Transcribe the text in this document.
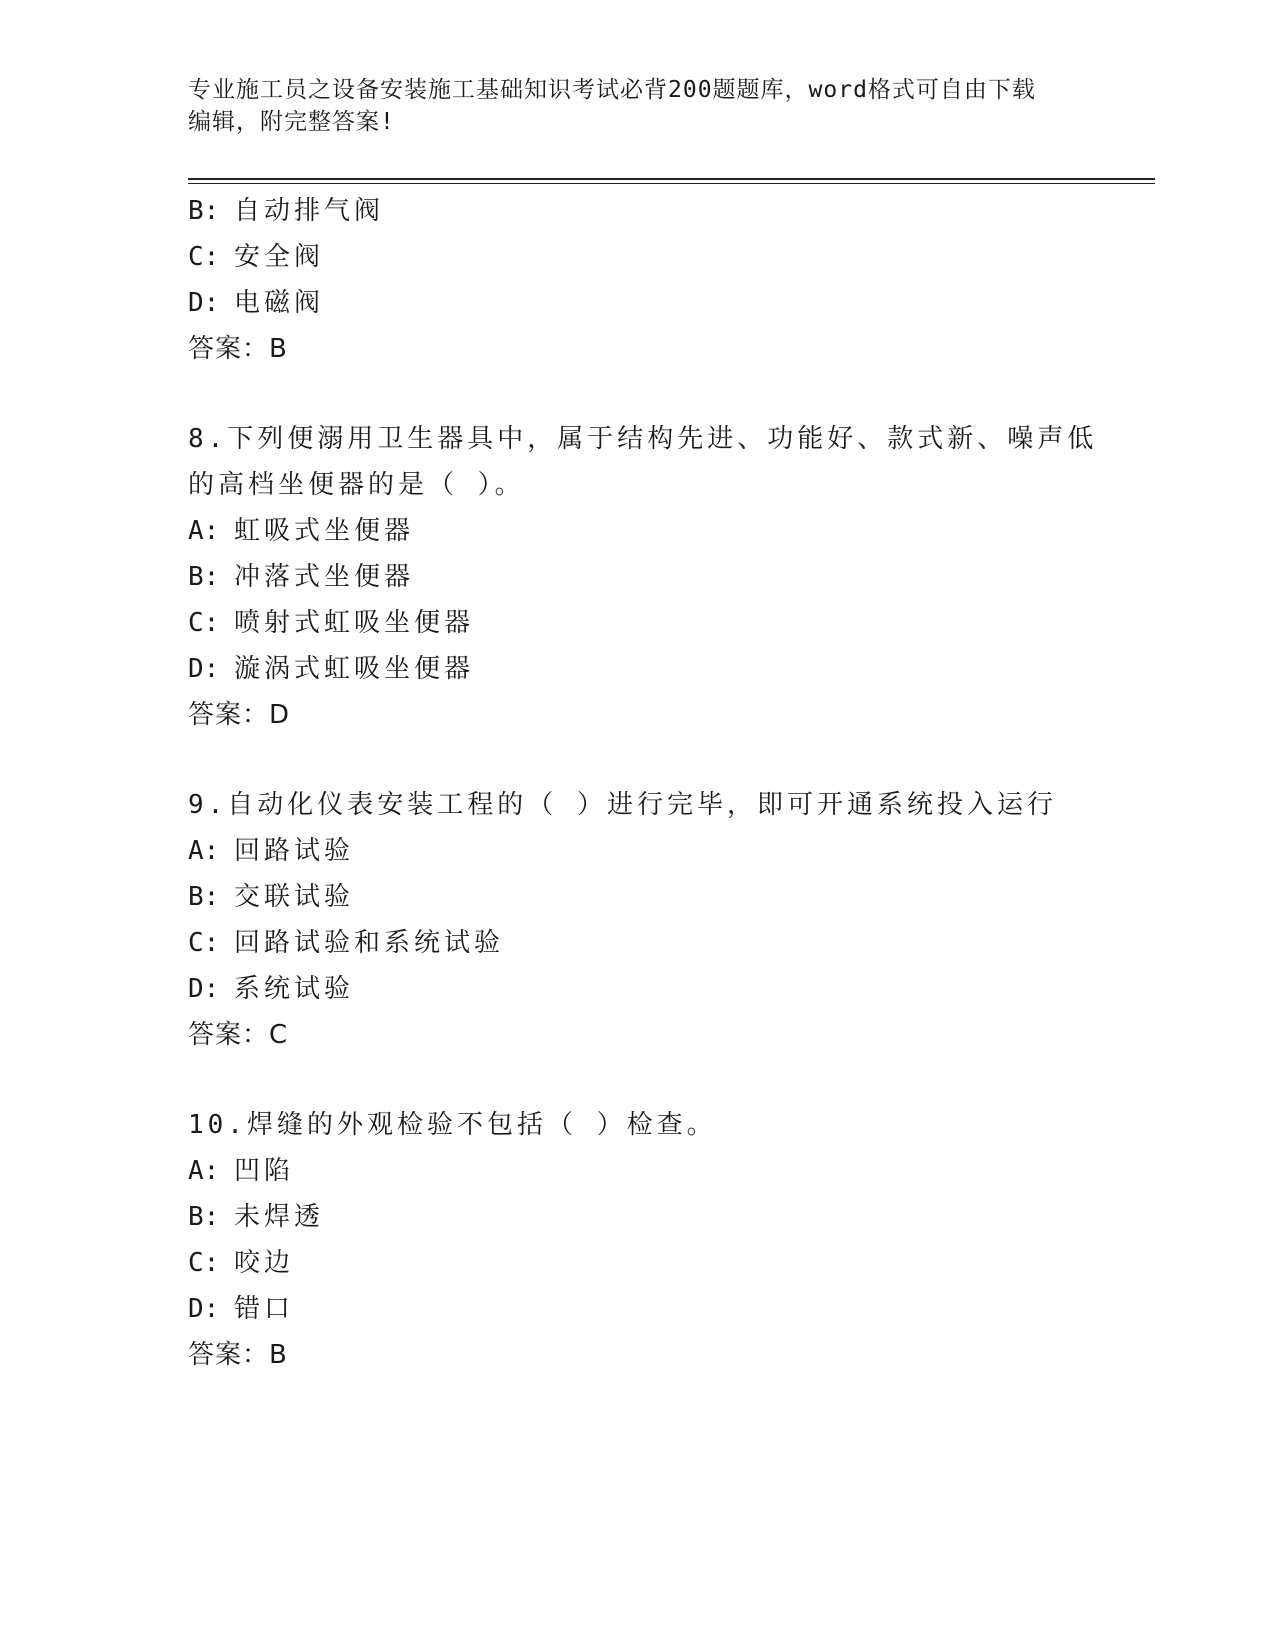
专业施工员之设备安装施工基础知识考试必背200题题库，word格式可自由下载
编辑，附完整答案!
B: 自动排气阀
C: 安全阀
D: 电磁阀
答案：B
8.下列便溺用卫生器具中，属于结构先进、功能好、款式新、噪声低
的高档坐便器的是（ ）。
A: 虹吸式坐便器
B: 冲落式坐便器
C: 喷射式虹吸坐便器
D: 漩涡式虹吸坐便器
答案：D
9.自动化仪表安装工程的（ ）进行完毕，即可开通系统投入运行
A: 回路试验
B: 交联试验
C: 回路试验和系统试验
D: 系统试验
答案：C
10.焊缝的外观检验不包括（ ）检查。
A: 凹陷
B: 未焊透
C: 咬边
D: 错口
答案：B
